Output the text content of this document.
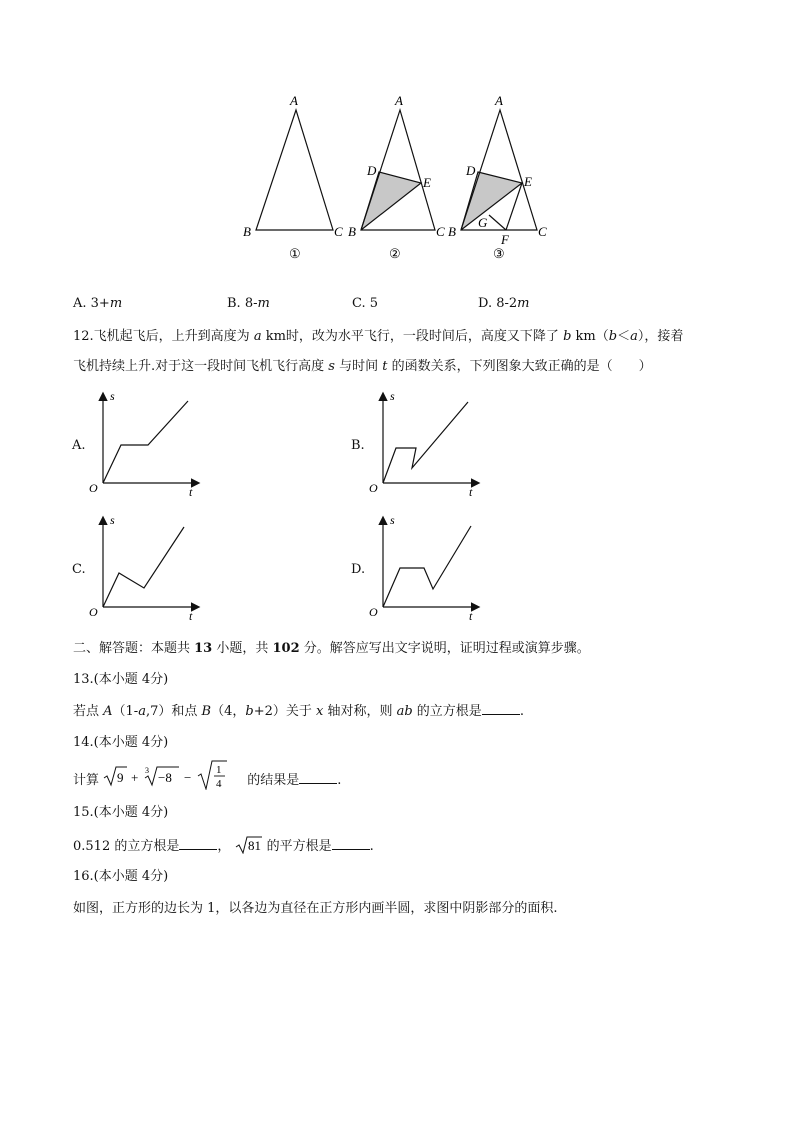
A
B	C
①
A
D
E
B	C
②
A
D
E
G
F
B	C
③
A. 3+m	B. 8-m	C. 5	D. 8-2m
12.飞机起飞后，上升到高度为 a km时，改为水平飞行，一段时间后，高度又下降了 b km（b＜a），接着
飞机持续上升.对于这一段时间飞机飞行高度 s 与时间 t 的函数关系，下列图象大致正确的是（　　）
A.	B.
C.	D.
s
t
O
s
t
O
s
t
O
s
t
O
二、解答题：本题共 13 小题，共 102 分。解答应写出文字说明，证明过程或演算步骤。
13.(本小题 4分)
若点 A（1-a,7）和点 B（4，b+2）关于 x 轴对称，则 ab 的立方根是	.
14.(本小题 4分)
计算 9 + 3 −8 − 1
4 的结果是	.
15.(本小题 4分)
0.512 的立方根是	， 81 的平方根是	.
16.(本小题 4分)
如图，正方形的边长为 1，以各边为直径在正方形内画半圆，求图中阴影部分的面积.
